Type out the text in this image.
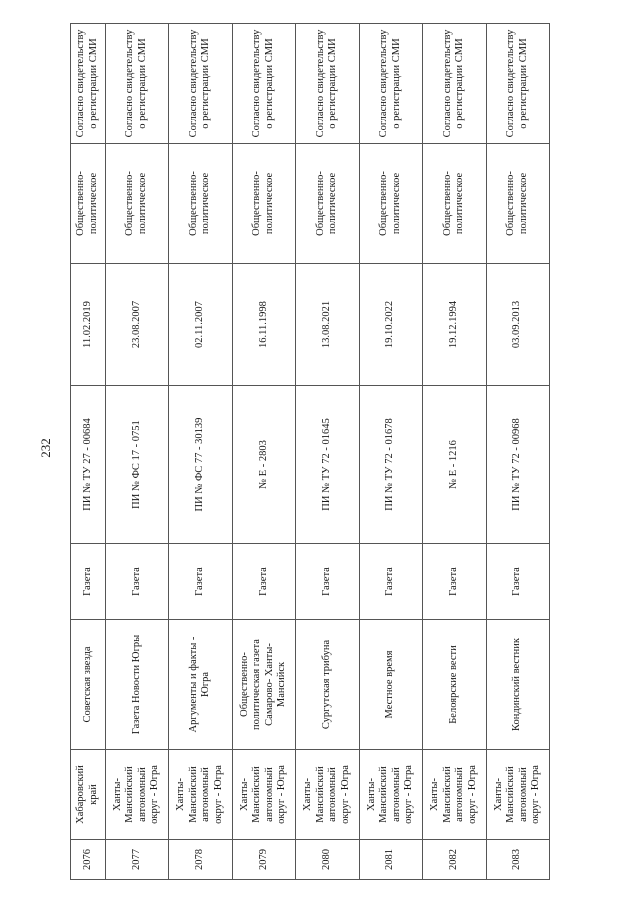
232
2076	Хабаровский край	Советская звезда	Газета	ПИ № ТУ 27 - 00684	11.02.2019	Общественно-политическое	Согласно свидетельству о регистрации СМИ
2077	Ханты-Мансийский автономный округ - Югра	Газета Новости Югры	Газета	ПИ № ФС 17 - 0751	23.08.2007	Общественно-политическое	Согласно свидетельству о регистрации СМИ
2078	Ханты-Мансийский автономный округ - Югра	Аргументы и факты - Югра	Газета	ПИ № ФС 77 - 30139	02.11.2007	Общественно-политическое	Согласно свидетельству о регистрации СМИ
2079	Ханты-Мансийский автономный округ - Югра	Общественно-политическая газета Самарово- Ханты-Мансийск	Газета	№ Е - 2803	16.11.1998	Общественно-политическое	Согласно свидетельству о регистрации СМИ
2080	Ханты-Мансийский автономный округ - Югра	Сургутская трибуна	Газета	ПИ № ТУ 72 - 01645	13.08.2021	Общественно-политическое	Согласно свидетельству о регистрации СМИ
2081	Ханты-Мансийский автономный округ - Югра	Местное время	Газета	ПИ № ТУ 72 - 01678	19.10.2022	Общественно-политическое	Согласно свидетельству о регистрации СМИ
2082	Ханты-Мансийский автономный округ - Югра	Белоярские вести	Газета	№ Е - 1216	19.12.1994	Общественно-политическое	Согласно свидетельству о регистрации СМИ
2083	Ханты-Мансийский автономный округ - Югра	Кондинский вестник	Газета	ПИ № ТУ 72 - 00968	03.09.2013	Общественно-политическое	Согласно свидетельству о регистрации СМИ
